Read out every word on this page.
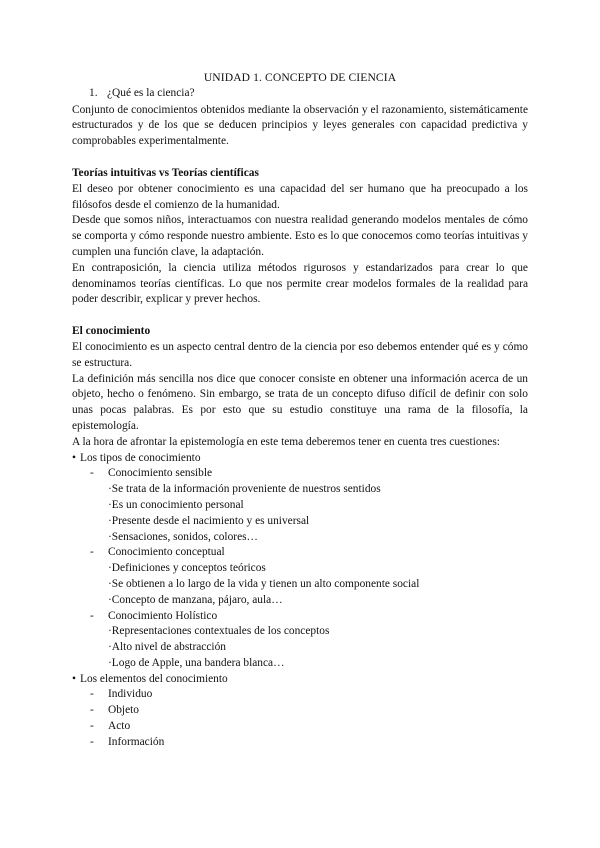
UNIDAD 1. CONCEPTO DE CIENCIA
1. ¿Qué es la ciencia?

Conjunto de conocimientos obtenidos mediante la observación y el razonamiento, sistemáticamente estructurados y de los que se deducen principios y leyes generales con capacidad predictiva y comprobables experimentalmente.

Teorías intuitivas vs Teorías científicas

El deseo por obtener conocimiento es una capacidad del ser humano que ha preocupado a los filósofos desde el comienzo de la humanidad.

Desde que somos niños, interactuamos con nuestra realidad generando modelos mentales de cómo se comporta y cómo responde nuestro ambiente. Esto es lo que conocemos como teorías intuitivas y cumplen una función clave, la adaptación.

En contraposición, la ciencia utiliza métodos rigurosos y estandarizados para crear lo que denominamos teorías científicas. Lo que nos permite crear modelos formales de la realidad para poder describir, explicar y prever hechos.

El conocimiento

El conocimiento es un aspecto central dentro de la ciencia por eso debemos entender qué es y cómo se estructura.

La definición más sencilla nos dice que conocer consiste en obtener una información acerca de un objeto, hecho o fenómeno. Sin embargo, se trata de un concepto difuso difícil de definir con solo unas pocas palabras. Es por esto que su estudio constituye una rama de la filosofía, la epistemología.

A la hora de afrontar la epistemología en este tema deberemos tener en cuenta tres cuestiones:

• Los tipos de conocimiento
-	Conocimiento sensible
·Se trata de la información proveniente de nuestros sentidos
·Es un conocimiento personal
·Presente desde el nacimiento y es universal
·Sensaciones, sonidos, colores…
-	Conocimiento conceptual
·Definiciones y conceptos teóricos
·Se obtienen a lo largo de la vida y tienen un alto componente social
·Concepto de manzana, pájaro, aula…
-	Conocimiento Holístico
·Representaciones contextuales de los conceptos
·Alto nivel de abstracción
·Logo de Apple, una bandera blanca…
• Los elementos del conocimiento
-	Individuo
-	Objeto
-	Acto
-	Información
